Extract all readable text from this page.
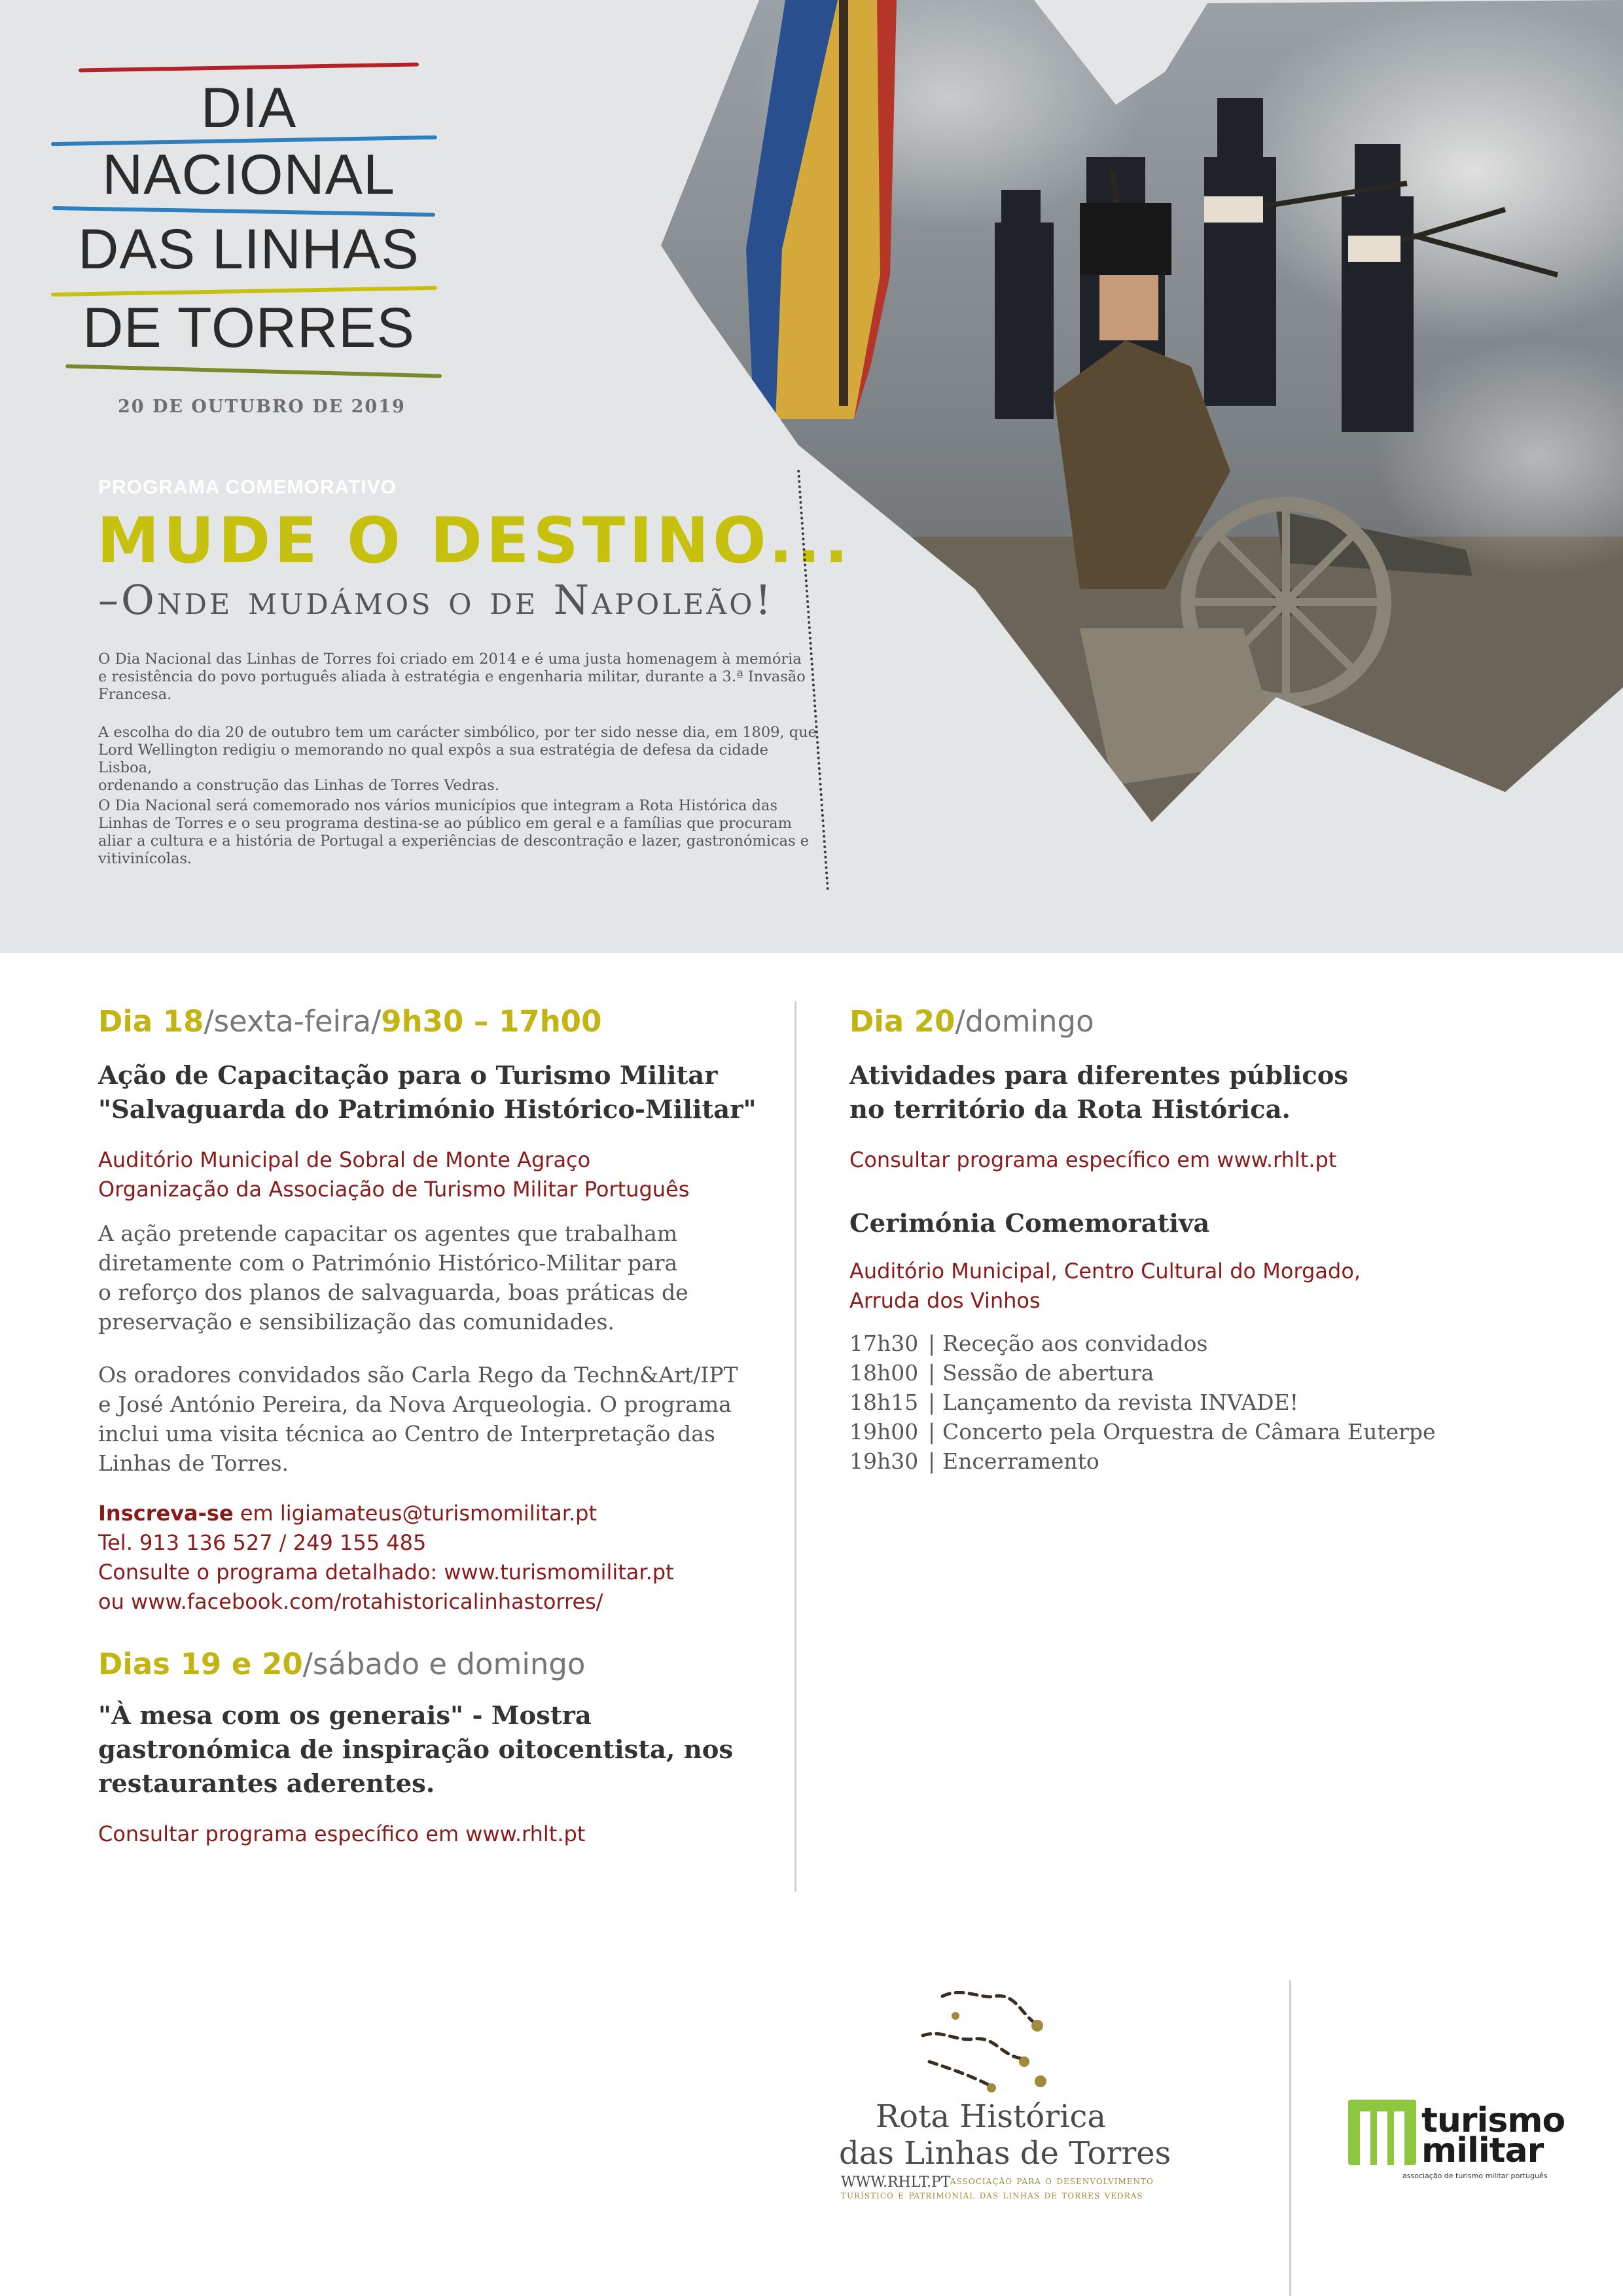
DIA
NACIONAL
DAS LINHAS
DE TORRES
20 DE OUTUBRO DE 2019
PROGRAMA COMEMORATIVO
MUDE O DESTINO...
–Onde mudámos o de Napoleão!
O Dia Nacional das Linhas de Torres foi criado em 2014 e é uma justa homenagem à memória
e resistência do povo português aliada à estratégia e engenharia militar, durante a 3.ª Invasão
Francesa.
A escolha do dia 20 de outubro tem um carácter simbólico, por ter sido nesse dia, em 1809, que
Lord Wellington redigiu o memorando no qual expôs a sua estratégia de defesa da cidade Lisboa,
ordenando a construção das Linhas de Torres Vedras.
O Dia Nacional será comemorado nos vários municípios que integram a Rota Histórica das
Linhas de Torres e o seu programa destina-se ao público em geral e a famílias que procuram
aliar a cultura e a história de Portugal a experiências de descontração e lazer, gastronómicas e
vitivinícolas.
Dia 18/sexta-feira/9h30 – 17h00
Ação de Capacitação para o Turismo Militar
"Salvaguarda do Património Histórico-Militar"
Auditório Municipal de Sobral de Monte Agraço
Organização da Associação de Turismo Militar Português
A ação pretende capacitar os agentes que trabalham
diretamente com o Património Histórico-Militar para
o reforço dos planos de salvaguarda, boas práticas de
preservação e sensibilização das comunidades.
Os oradores convidados são Carla Rego da Techn&Art/IPT
e José António Pereira, da Nova Arqueologia. O programa
inclui uma visita técnica ao Centro de Interpretação das
Linhas de Torres.
Inscreva-se em ligiamateus@turismomilitar.pt
Tel. 913 136 527 / 249 155 485
Consulte o programa detalhado: www.turismomilitar.pt
ou www.facebook.com/rotahistoricalinhastorres/
Dias 19 e 20/sábado e domingo
"À mesa com os generais" - Mostra
gastronómica de inspiração oitocentista, nos
restaurantes aderentes.
Consultar programa específico em www.rhlt.pt
Dia 20/domingo
Atividades para diferentes públicos
no território da Rota Histórica.
Consultar programa específico em www.rhlt.pt
Cerimónia Comemorativa
Auditório Municipal, Centro Cultural do Morgado,
Arruda dos Vinhos
17h30 | Receção aos convidados
18h00 | Sessão de abertura
18h15 | Lançamento da revista INVADE!
19h00 | Concerto pela Orquestra de Câmara Euterpe
19h30 | Encerramento
Rota Histórica
das Linhas de Torres
WWW.RHLT.PT associação para o desenvolvimento
turístico e patrimonial das linhas de torres vedras
turismo
militar
associação de turismo militar português
